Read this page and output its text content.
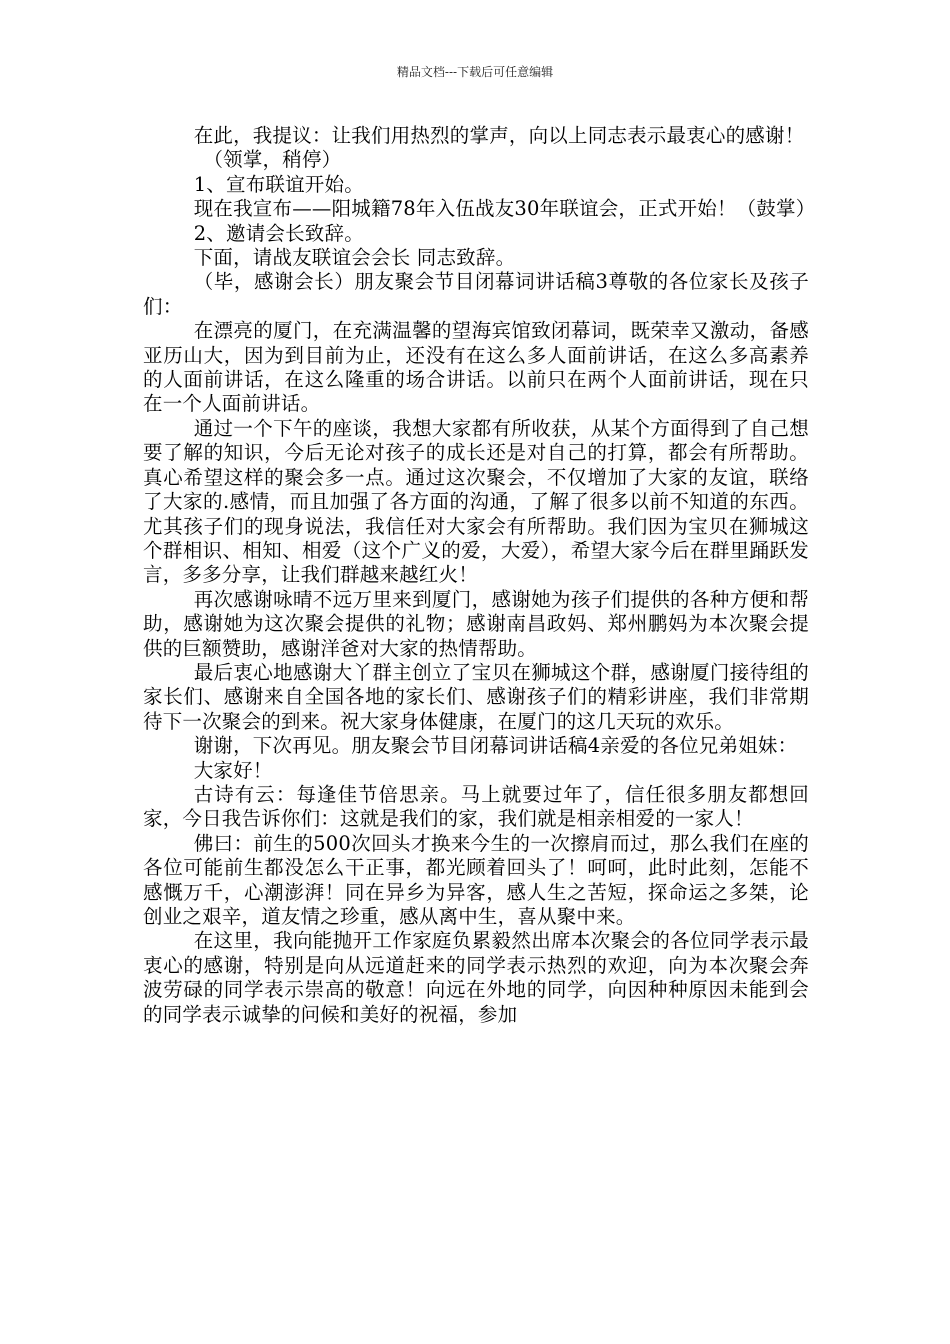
精品文档---下载后可任意编辑

在此，我提议：让我们用热烈的掌声，向以上同志表示最衷心的感谢！

（领掌，稍停）

1、宣布联谊开始。

现在我宣布——阳城籍78年入伍战友30年联谊会，正式开始！（鼓掌）

2、邀请会长致辞。

下面，请战友联谊会会长 同志致辞。

（毕，感谢会长）朋友聚会节目闭幕词讲话稿3尊敬的各位家长及孩子们：

在漂亮的厦门，在充满温馨的望海宾馆致闭幕词，既荣幸又激动，备感亚历山大，因为到目前为止，还没有在这么多人面前讲话，在这么多高素养的人面前讲话，在这么隆重的场合讲话。以前只在两个人面前讲话，现在只在一个人面前讲话。

通过一个下午的座谈，我想大家都有所收获，从某个方面得到了自己想要了解的知识，今后无论对孩子的成长还是对自己的打算，都会有所帮助。真心希望这样的聚会多一点。通过这次聚会，不仅增加了大家的友谊，联络了大家的.感情，而且加强了各方面的沟通，了解了很多以前不知道的东西。尤其孩子们的现身说法，我信任对大家会有所帮助。我们因为宝贝在狮城这个群相识、相知、相爱（这个广义的爱，大爱），希望大家今后在群里踊跃发言，多多分享，让我们群越来越红火！

再次感谢咏晴不远万里来到厦门，感谢她为孩子们提供的各种方便和帮助，感谢她为这次聚会提供的礼物；感谢南昌政妈、郑州鹏妈为本次聚会提供的巨额赞助，感谢洋爸对大家的热情帮助。

最后衷心地感谢大丫群主创立了宝贝在狮城这个群，感谢厦门接待组的家长们、感谢来自全国各地的家长们、感谢孩子们的精彩讲座，我们非常期待下一次聚会的到来。祝大家身体健康，在厦门的这几天玩的欢乐。

谢谢，下次再见。朋友聚会节目闭幕词讲话稿4亲爱的各位兄弟姐妹：

大家好！

古诗有云：每逢佳节倍思亲。马上就要过年了，信任很多朋友都想回家，今日我告诉你们：这就是我们的家，我们就是相亲相爱的一家人！

佛曰：前生的500次回头才换来今生的一次擦肩而过，那么我们在座的各位可能前生都没怎么干正事，都光顾着回头了！呵呵，此时此刻，怎能不感慨万千，心潮澎湃！同在异乡为异客，感人生之苦短，探命运之多桀，论创业之艰辛，道友情之珍重，感从离中生，喜从聚中来。

在这里，我向能抛开工作家庭负累毅然出席本次聚会的各位同学表示最衷心的感谢，特别是向从远道赶来的同学表示热烈的欢迎，向为本次聚会奔波劳碌的同学表示崇高的敬意！向远在外地的同学，向因种种原因未能到会的同学表示诚挚的问候和美好的祝福，参加
